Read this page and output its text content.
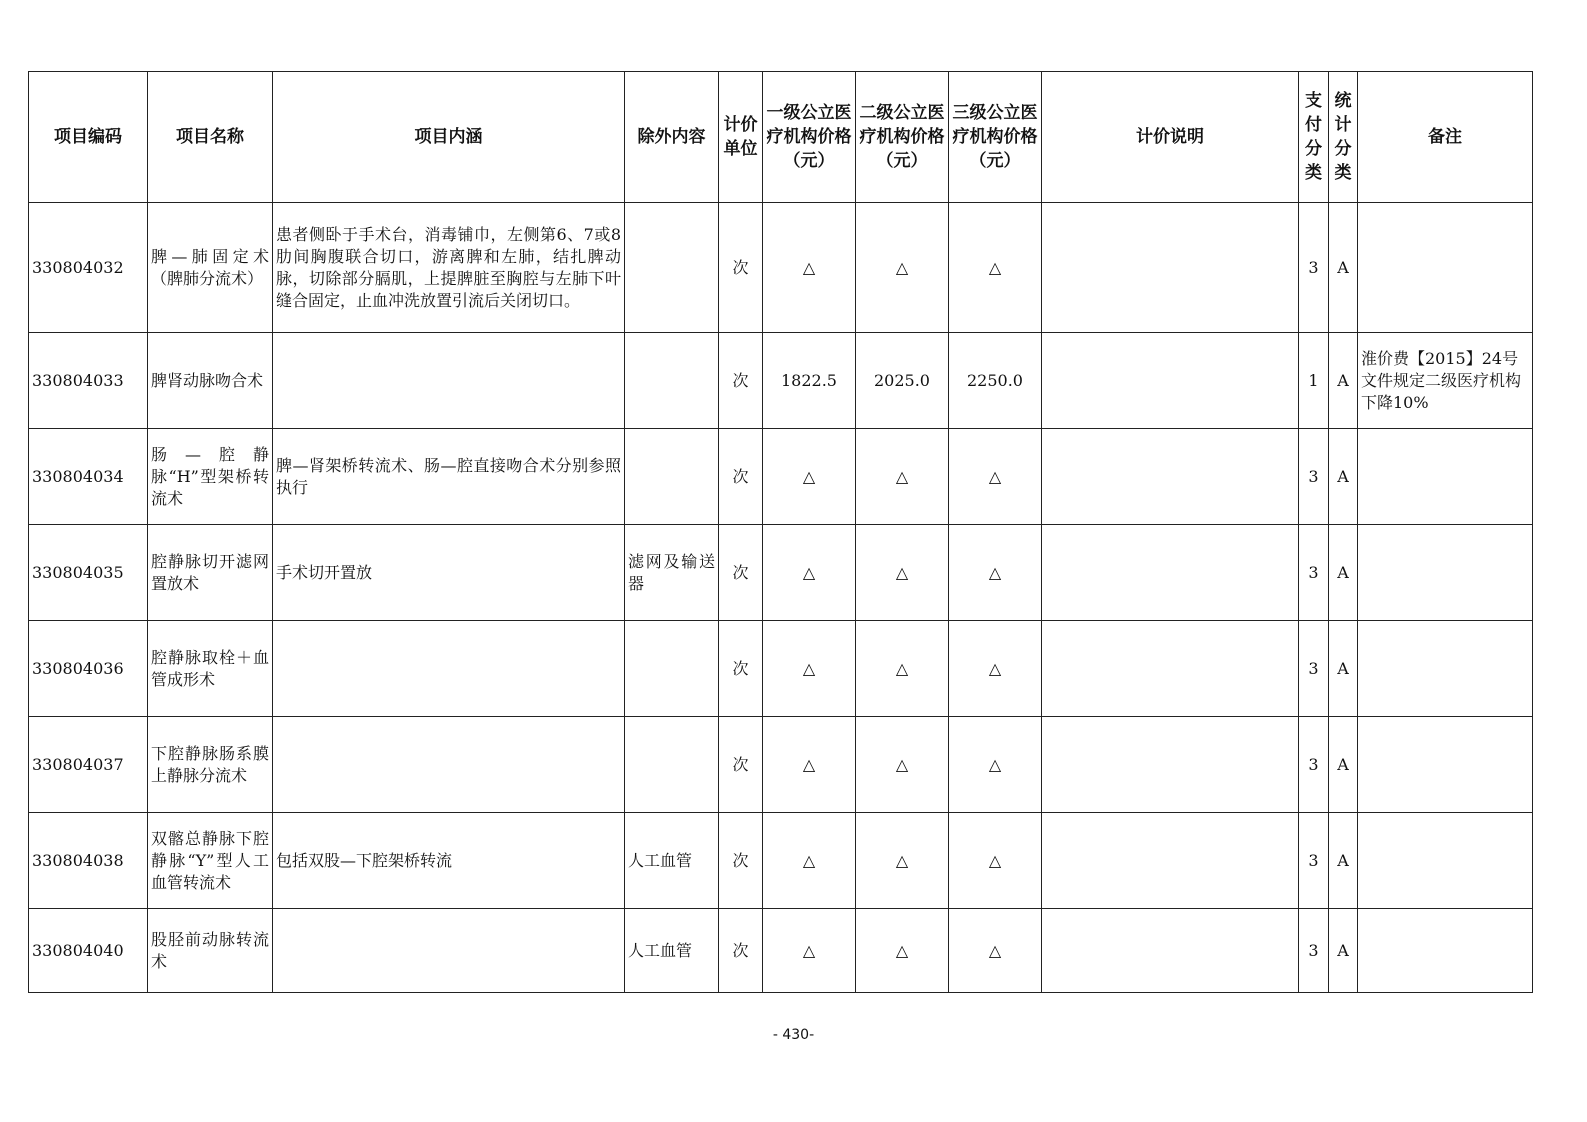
项目编码	项目名称	项目内涵	除外内容	计价单位	一级公立医疗机构价格（元）	二级公立医疗机构价格（元）	三级公立医疗机构价格（元）	计价说明	支付分类	统计分类	备注
330804032	脾—肺固定术（脾肺分流术）	患者侧卧于手术台，消毒铺巾，左侧第6、7或8肋间胸腹联合切口，游离脾和左肺，结扎脾动脉，切除部分膈肌，上提脾脏至胸腔与左肺下叶缝合固定，止血冲洗放置引流后关闭切口。		次	△	△	△		3	A	
330804033	脾肾动脉吻合术			次	1822.5	2025.0	2250.0		1	A	淮价费【2015】24号文件规定二级医疗机构下降10%
330804034	肠—腔静脉“H”型架桥转流术	脾—肾架桥转流术、肠—腔直接吻合术分别参照执行		次	△	△	△		3	A	
330804035	腔静脉切开滤网置放术	手术切开置放	滤网及输送器	次	△	△	△		3	A	
330804036	腔静脉取栓＋血管成形术			次	△	△	△		3	A	
330804037	下腔静脉肠系膜上静脉分流术			次	△	△	△		3	A	
330804038	双髂总静脉下腔静脉“Y”型人工血管转流术	包括双股—下腔架桥转流	人工血管	次	△	△	△		3	A	
330804040	股胫前动脉转流术		人工血管	次	△	△	△		3	A	
- 430-
